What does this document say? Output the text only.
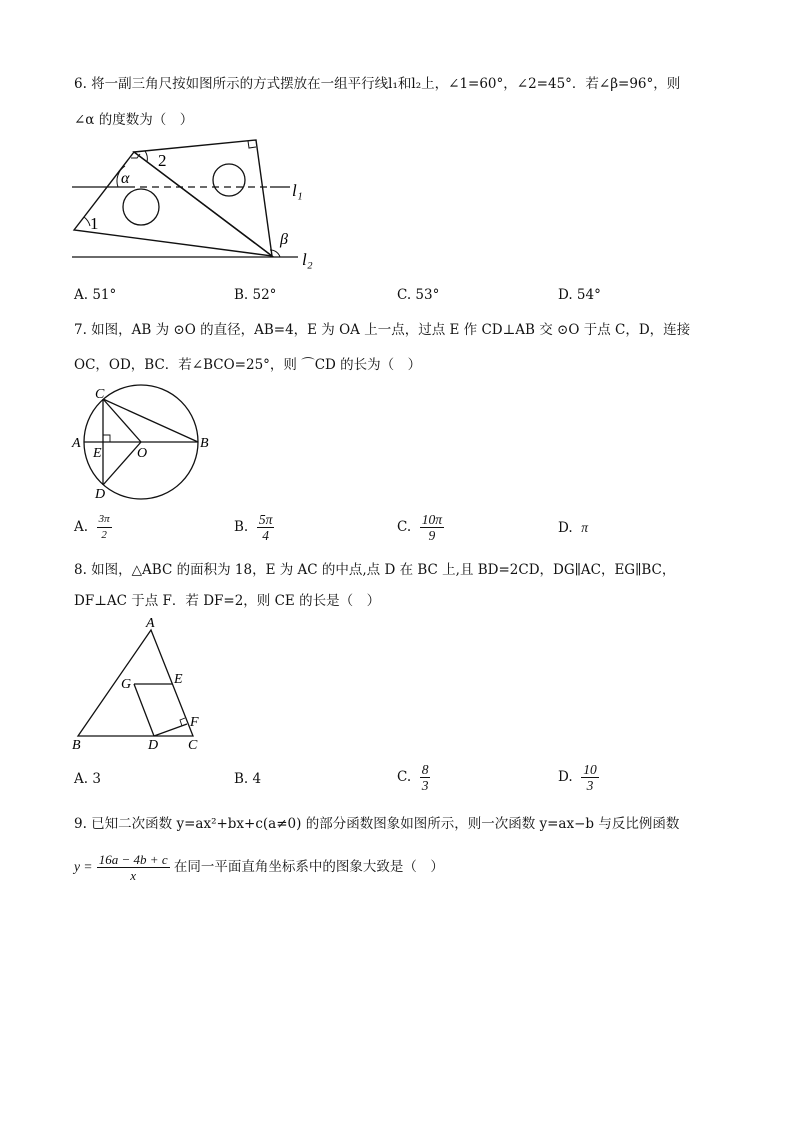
6. 将一副三角尺按如图所示的方式摆放在一组平行线l₁和l₂上，∠1=60°，∠2=45°．若∠β=96°，则
∠α 的度数为（　）
2
α
1
l₁
β
l₂
A. 51°	B. 52°	C. 53°	D. 54°
7. 如图，AB 为 ⊙O 的直径，AB=4，E 为 OA 上一点，过点 E 作 CD⊥AB 交 ⊙O 于点 C，D，连接
OC，OD，BC．若∠BCO=25°，则 ⌒CD 的长为（　）
C
A
E	O
B
D
A. $\frac{3\pi}{2}$	B. $\frac{5\pi}{4}$	C. $\frac{10\pi}{9}$	D. π
8. 如图，△ABC 的面积为 18，E 为 AC 的中点,点 D 在 BC 上,且 BD=2CD，DG∥AC，EG∥BC，
DF⊥AC 于点 F．若 DF=2，则 CE 的长是（　）
A
G	E
F
B	D C
A. 3	B. 4	C. $\frac{8}{3}$	D. $\frac{10}{3}$
9. 已知二次函数 y=ax²+bx+c(a≠0) 的部分函数图象如图所示，则一次函数 y=ax−b 与反比例函数
$y = \frac{16a - 4b + c}{x}$ 在同一平面直角坐标系中的图象大致是（　）
